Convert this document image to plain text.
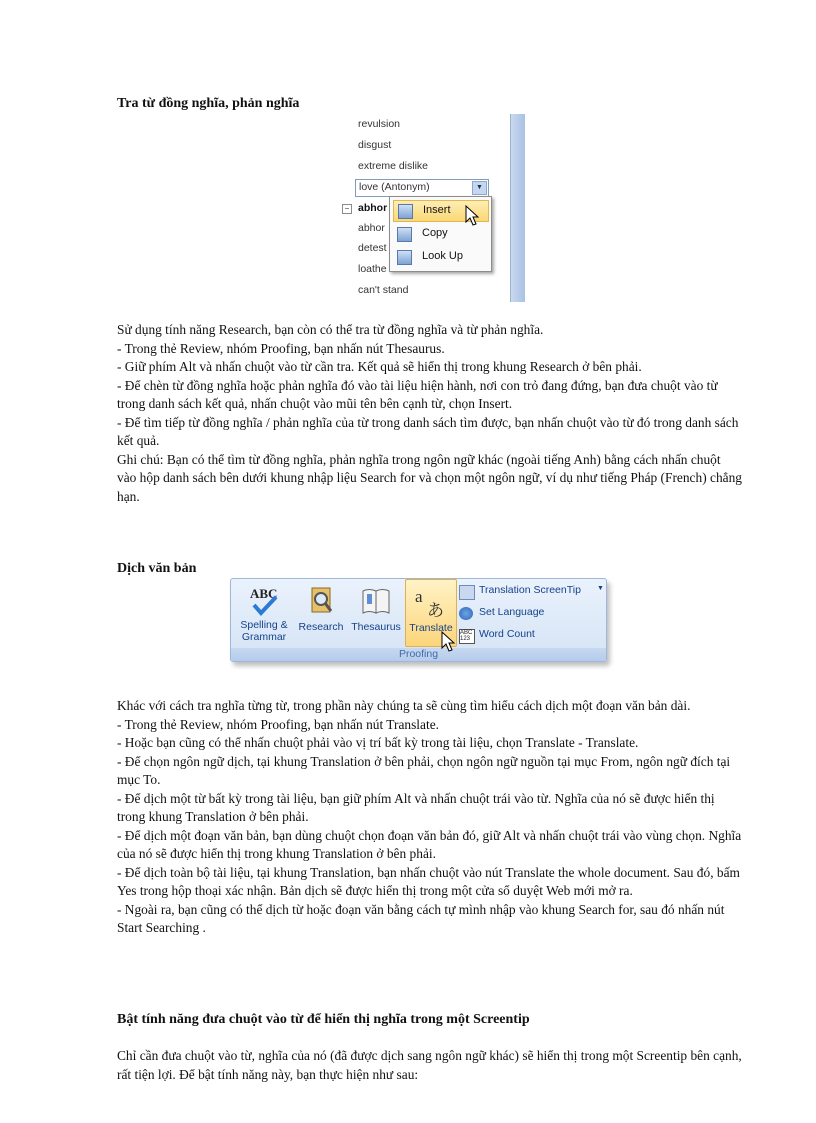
Tra từ đồng nghĩa, phản nghĩa
revulsion
disgust
extreme dislike
love (Antonym)	▼
− abhor
abhor
detest
loathe
can't stand
Insert
Copy
Look Up

Sử dụng tính năng Research, bạn còn có thể tra từ đồng nghĩa và từ phản nghĩa.

- Trong thẻ Review, nhóm Proofing, bạn nhấn nút Thesaurus.

- Giữ phím Alt và nhấn chuột vào từ cần tra. Kết quả sẽ hiển thị trong khung Research ở bên phải.

- Để chèn từ đồng nghĩa hoặc phản nghĩa đó vào tài liệu hiện hành, nơi con trỏ đang đứng, bạn đưa chuột vào từ trong danh sách kết quả, nhấn chuột vào mũi tên bên cạnh từ, chọn Insert.

- Để tìm tiếp từ đồng nghĩa / phản nghĩa của từ trong danh sách tìm được, bạn nhấn chuột vào từ đó trong danh sách kết quả.

Ghi chú: Bạn có thể tìm từ đồng nghĩa, phản nghĩa trong ngôn ngữ khác (ngoài tiếng Anh) bằng cách nhấn chuột vào hộp danh sách bên dưới khung nhập liệu Search for và chọn một ngôn ngữ, ví dụ như tiếng Pháp (French) chẳng hạn.

Dịch văn bản
ABC
Spelling & Grammar
Research Thesaurus
a
あ
Translate
Translation ScreenTip ▼
Set Language
ABC
123 Word Count
Proofing

Khác với cách tra nghĩa từng từ, trong phần này chúng ta sẽ cùng tìm hiểu cách dịch một đoạn văn bản dài.

- Trong thẻ Review, nhóm Proofing, bạn nhấn nút Translate.

- Hoặc bạn cũng có thể nhấn chuột phải vào vị trí bất kỳ trong tài liệu, chọn Translate - Translate.

- Để chọn ngôn ngữ dịch, tại khung Translation ở bên phải, chọn ngôn ngữ nguồn tại mục From, ngôn ngữ đích tại mục To.

- Để dịch một từ bất kỳ trong tài liệu, bạn giữ phím Alt và nhấn chuột trái vào từ. Nghĩa của nó sẽ được hiển thị trong khung Translation ở bên phải.

- Để dịch một đoạn văn bản, bạn dùng chuột chọn đoạn văn bản đó, giữ Alt và nhấn chuột trái vào vùng chọn. Nghĩa của nó sẽ được hiển thị trong khung Translation ở bên phải.

- Để dịch toàn bộ tài liệu, tại khung Translation, bạn nhấn chuột vào nút Translate the whole document. Sau đó, bấm Yes trong hộp thoại xác nhận. Bản dịch sẽ được hiển thị trong một cửa sổ duyệt Web mới mở ra.

- Ngoài ra, bạn cũng có thể dịch từ hoặc đoạn văn bằng cách tự mình nhập vào khung Search for, sau đó nhấn nút Start Searching .

Bật tính năng đưa chuột vào từ để hiển thị nghĩa trong một Screentip

Chỉ cần đưa chuột vào từ, nghĩa của nó (đã được dịch sang ngôn ngữ khác) sẽ hiển thị trong một Screentip bên cạnh, rất tiện lợi. Để bật tính năng này, bạn thực hiện như sau:
